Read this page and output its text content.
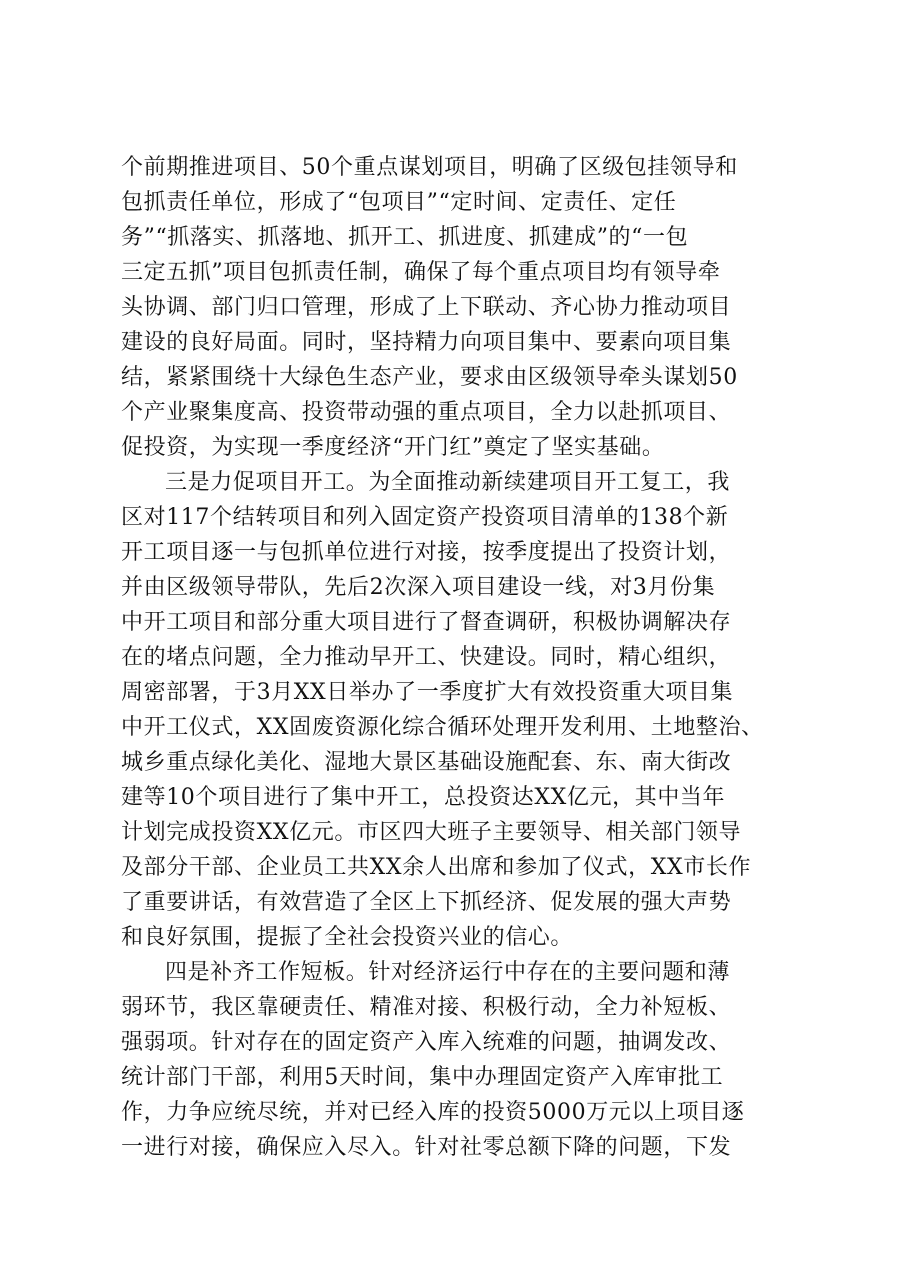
个前期推进项目、50个重点谋划项目，明确了区级包挂领导和
包抓责任单位，形成了“包项目”“定时间、定责任、定任
务”“抓落实、抓落地、抓开工、抓进度、抓建成”的“一包
三定五抓”项目包抓责任制，确保了每个重点项目均有领导牵
头协调、部门归口管理，形成了上下联动、齐心协力推动项目
建设的良好局面。同时，坚持精力向项目集中、要素向项目集
结，紧紧围绕十大绿色生态产业，要求由区级领导牵头谋划50
个产业聚集度高、投资带动强的重点项目，全力以赴抓项目、
促投资，为实现一季度经济“开门红”奠定了坚实基础。
三是力促项目开工。为全面推动新续建项目开工复工，我
区对117个结转项目和列入固定资产投资项目清单的138个新
开工项目逐一与包抓单位进行对接，按季度提出了投资计划，
并由区级领导带队，先后2次深入项目建设一线，对3月份集
中开工项目和部分重大项目进行了督查调研，积极协调解决存
在的堵点问题，全力推动早开工、快建设。同时，精心组织，
周密部署，于3月XX日举办了一季度扩大有效投资重大项目集
中开工仪式，XX固废资源化综合循环处理开发利用、土地整治、
城乡重点绿化美化、湿地大景区基础设施配套、东、南大街改
建等10个项目进行了集中开工，总投资达XX亿元，其中当年
计划完成投资XX亿元。市区四大班子主要领导、相关部门领导
及部分干部、企业员工共XX余人出席和参加了仪式，XX市长作
了重要讲话，有效营造了全区上下抓经济、促发展的强大声势
和良好氛围，提振了全社会投资兴业的信心。
四是补齐工作短板。针对经济运行中存在的主要问题和薄
弱环节，我区靠硬责任、精准对接、积极行动，全力补短板、
强弱项。针对存在的固定资产入库入统难的问题，抽调发改、
统计部门干部，利用5天时间，集中办理固定资产入库审批工
作，力争应统尽统，并对已经入库的投资5000万元以上项目逐
一进行对接，确保应入尽入。针对社零总额下降的问题，下发
